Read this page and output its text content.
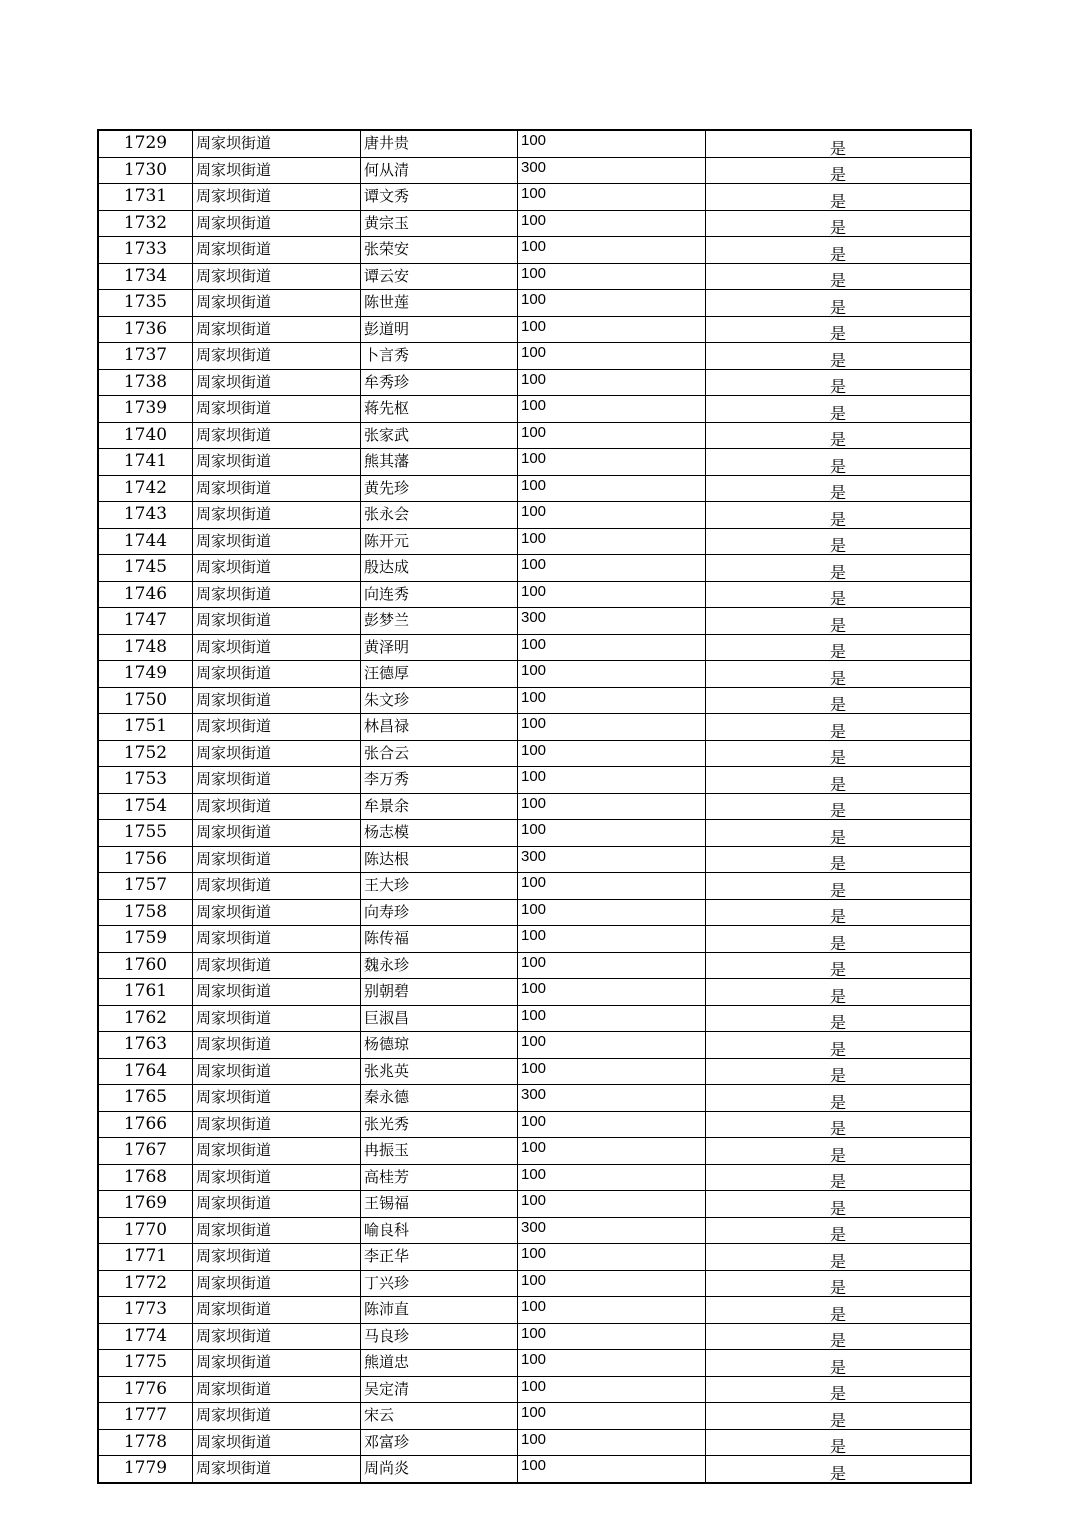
1729	周家坝街道	唐井贵	100	是
1730	周家坝街道	何从清	300	是
1731	周家坝街道	谭文秀	100	是
1732	周家坝街道	黄宗玉	100	是
1733	周家坝街道	张荣安	100	是
1734	周家坝街道	谭云安	100	是
1735	周家坝街道	陈世莲	100	是
1736	周家坝街道	彭道明	100	是
1737	周家坝街道	卜言秀	100	是
1738	周家坝街道	牟秀珍	100	是
1739	周家坝街道	蒋先枢	100	是
1740	周家坝街道	张家武	100	是
1741	周家坝街道	熊其藩	100	是
1742	周家坝街道	黄先珍	100	是
1743	周家坝街道	张永会	100	是
1744	周家坝街道	陈开元	100	是
1745	周家坝街道	殷达成	100	是
1746	周家坝街道	向连秀	100	是
1747	周家坝街道	彭梦兰	300	是
1748	周家坝街道	黄泽明	100	是
1749	周家坝街道	汪德厚	100	是
1750	周家坝街道	朱文珍	100	是
1751	周家坝街道	林昌禄	100	是
1752	周家坝街道	张合云	100	是
1753	周家坝街道	李万秀	100	是
1754	周家坝街道	牟景余	100	是
1755	周家坝街道	杨志模	100	是
1756	周家坝街道	陈达根	300	是
1757	周家坝街道	王大珍	100	是
1758	周家坝街道	向寿珍	100	是
1759	周家坝街道	陈传福	100	是
1760	周家坝街道	魏永珍	100	是
1761	周家坝街道	别朝碧	100	是
1762	周家坝街道	巨淑昌	100	是
1763	周家坝街道	杨德琼	100	是
1764	周家坝街道	张兆英	100	是
1765	周家坝街道	秦永德	300	是
1766	周家坝街道	张光秀	100	是
1767	周家坝街道	冉振玉	100	是
1768	周家坝街道	高桂芳	100	是
1769	周家坝街道	王锡福	100	是
1770	周家坝街道	喻良科	300	是
1771	周家坝街道	李正华	100	是
1772	周家坝街道	丁兴珍	100	是
1773	周家坝街道	陈沛直	100	是
1774	周家坝街道	马良珍	100	是
1775	周家坝街道	熊道忠	100	是
1776	周家坝街道	吴定清	100	是
1777	周家坝街道	宋云	100	是
1778	周家坝街道	邓富珍	100	是
1779	周家坝街道	周尚炎	100	是
